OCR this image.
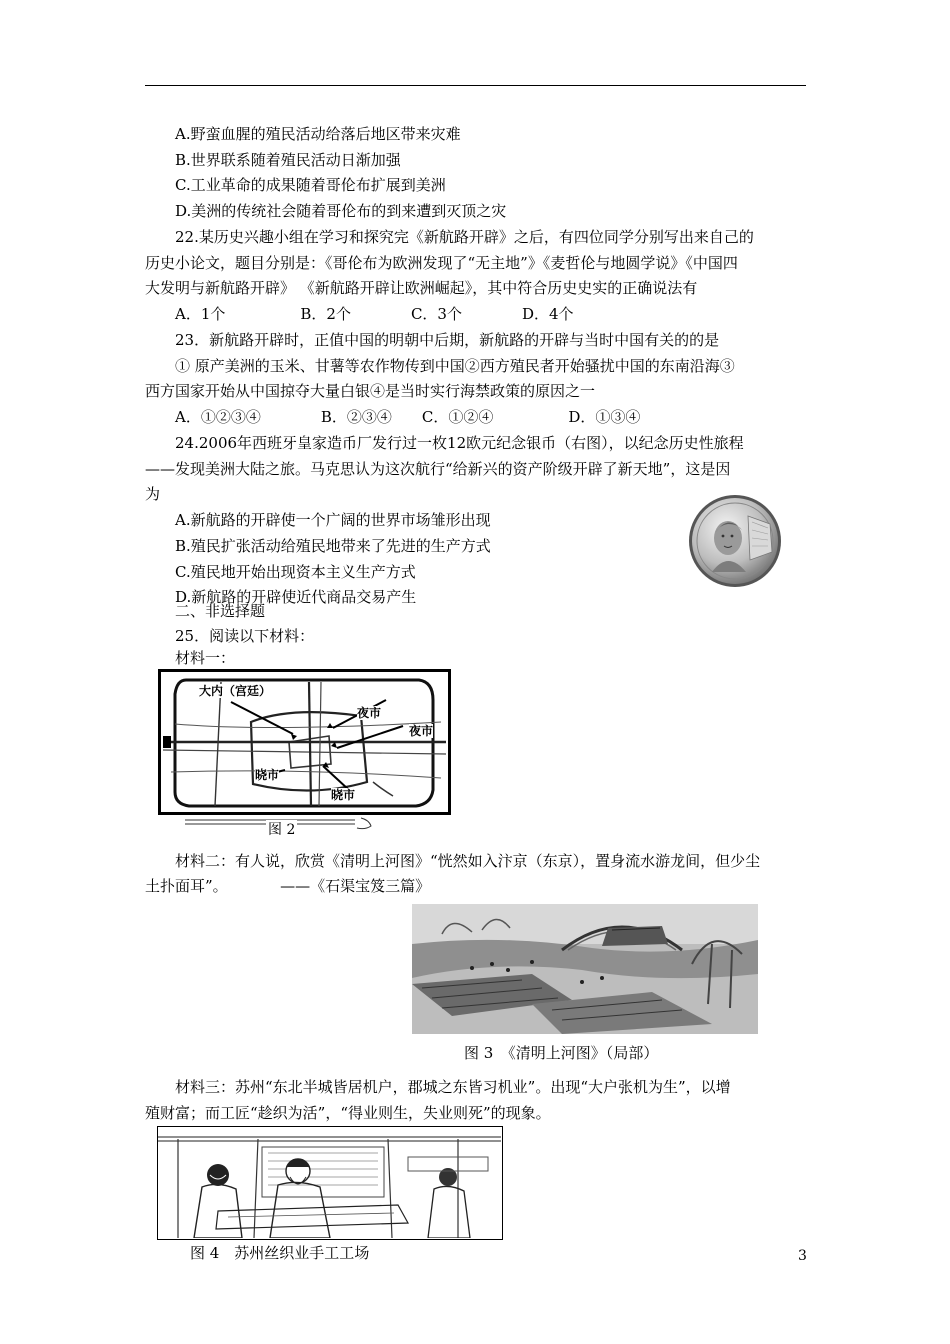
A.野蛮血腥的殖民活动给落后地区带来灾难
B.世界联系随着殖民活动日渐加强
C.工业革命的成果随着哥伦布扩展到美洲
D.美洲的传统社会随着哥伦布的到来遭到灭顶之灾
22.某历史兴趣小组在学习和探究完《新航路开辟》之后，有四位同学分别写出来自己的
历史小论文，题目分别是：《哥伦布为欧洲发现了“无主地”》《麦哲伦与地圆学说》《中国四
大发明与新航路开辟》 《新航路开辟让欧洲崛起》，其中符合历史史实的正确说法有
A．1个　　　　　B．2个　　　　C．3个　　　　D．4个
23．新航路开辟时，正值中国的明朝中后期，新航路的开辟与当时中国有关的的是
① 原产美洲的玉米、甘薯等农作物传到中国②西方殖民者开始骚扰中国的东南沿海③
西方国家开始从中国掠夺大量白银④是当时实行海禁政策的原因之一
A．①②③④　　　　B．②③④　　C．①②④　　　　　D．①③④
24.2006年西班牙皇家造币厂发行过一枚12欧元纪念银币（右图），以纪念历史性旅程
——发现美洲大陆之旅。马克思认为这次航行“给新兴的资产阶级开辟了新天地”，这是因
为
A.新航路的开辟使一个广阔的世界市场雏形出现
B.殖民扩张活动给殖民地带来了先进的生产方式
C.殖民地开始出现资本主义生产方式
D.新航路的开辟使近代商品交易产生
二、非选择题
25．阅读以下材料：
材料一：
大内（宫廷）
夜市
夜市
晓市
晓市
图 2
材料二：有人说，欣赏《清明上河图》“恍然如入汴京（东京），置身流水游龙间，但少尘
土扑面耳”。　　　　——《石渠宝笈三篇》
图 3　《清明上河图》（局部）
材料三：苏州“东北半城皆居机户，郡城之东皆习机业”。出现“大户张机为生”，以增
殖财富；而工匠“趁织为活”，“得业则生，失业则死”的现象。
图 4　苏州丝织业手工工场	3
